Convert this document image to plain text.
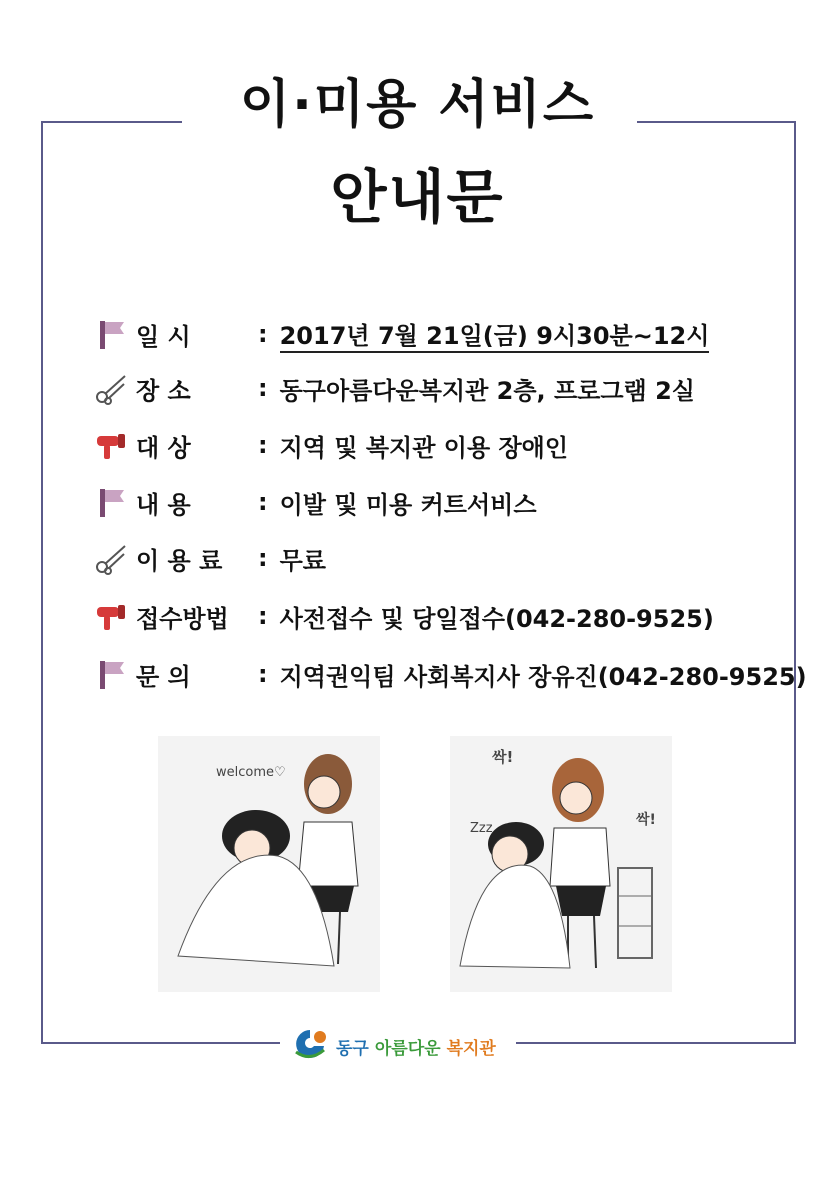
이·미용 서비스
안내문
일 시	: 2017년 7월 21일(금) 9시30분~12시
장 소	: 동구아름다운복지관 2층, 프로그램 2실
대 상	: 지역 및 복지관 이용 장애인
내 용	: 이발 및 미용 커트서비스
이 용 료	: 무료
접수방법	: 사전접수 및 당일접수(042-280-9525)
문 의	: 지역권익팀 사회복지사 장유진(042-280-9525)
welcome♡
싹!
싹!
Zzz
동구 아름다운 복지관
